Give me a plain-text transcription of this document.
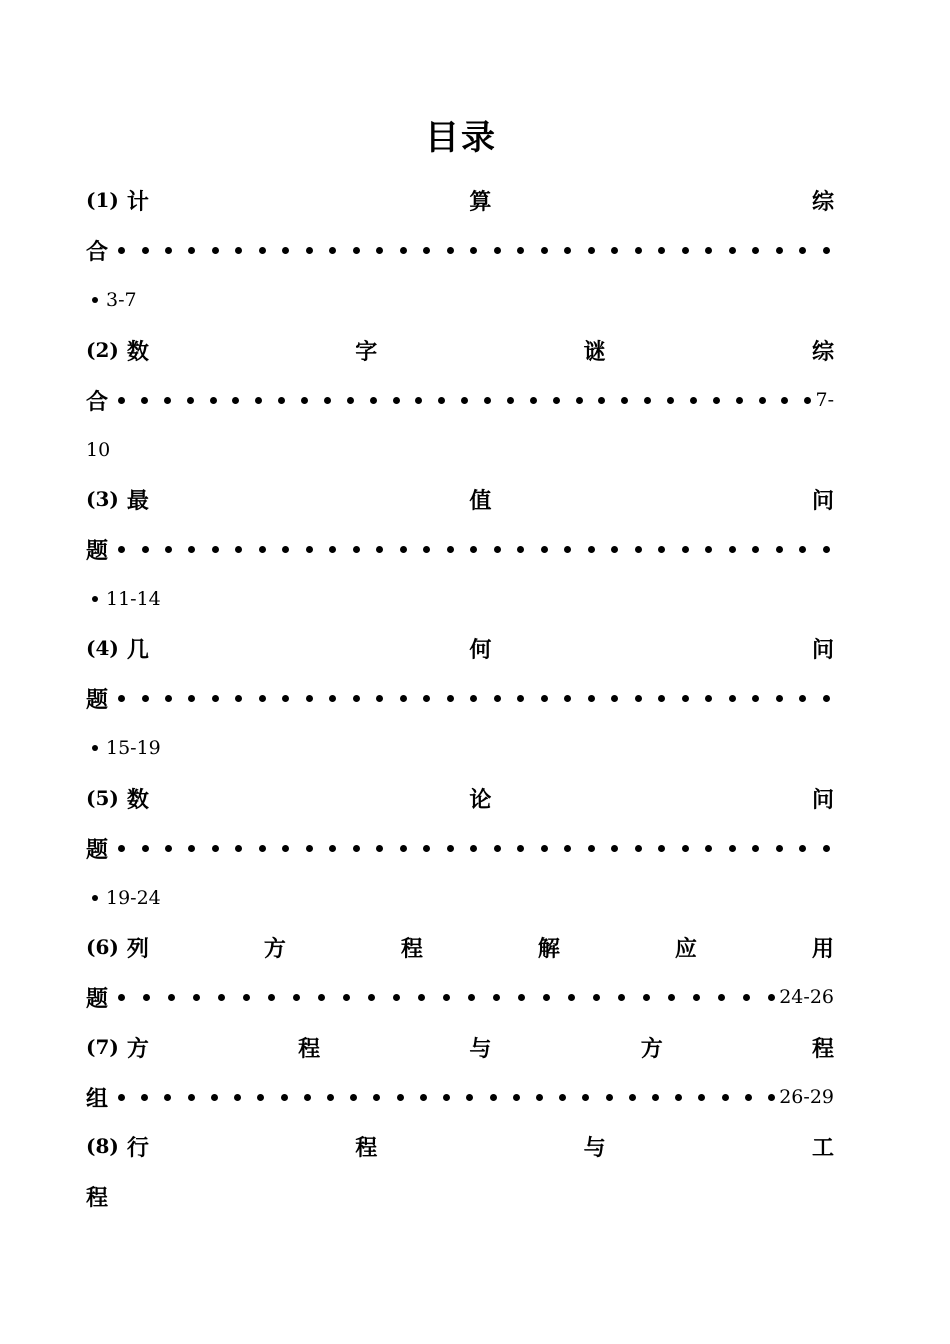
目录
(1) 计	算	综
合
3-7
(2) 数	字	谜	综
合	7-
10
(3) 最	值	问
题
11-14
(4) 几	何	问
题
15-19
(5) 数	论	问
题
19-24
(6) 列	方	程	解	应	用
题	24-26
(7) 方	程	与	方	程
组	26-29
(8) 行	程	与	工
程
